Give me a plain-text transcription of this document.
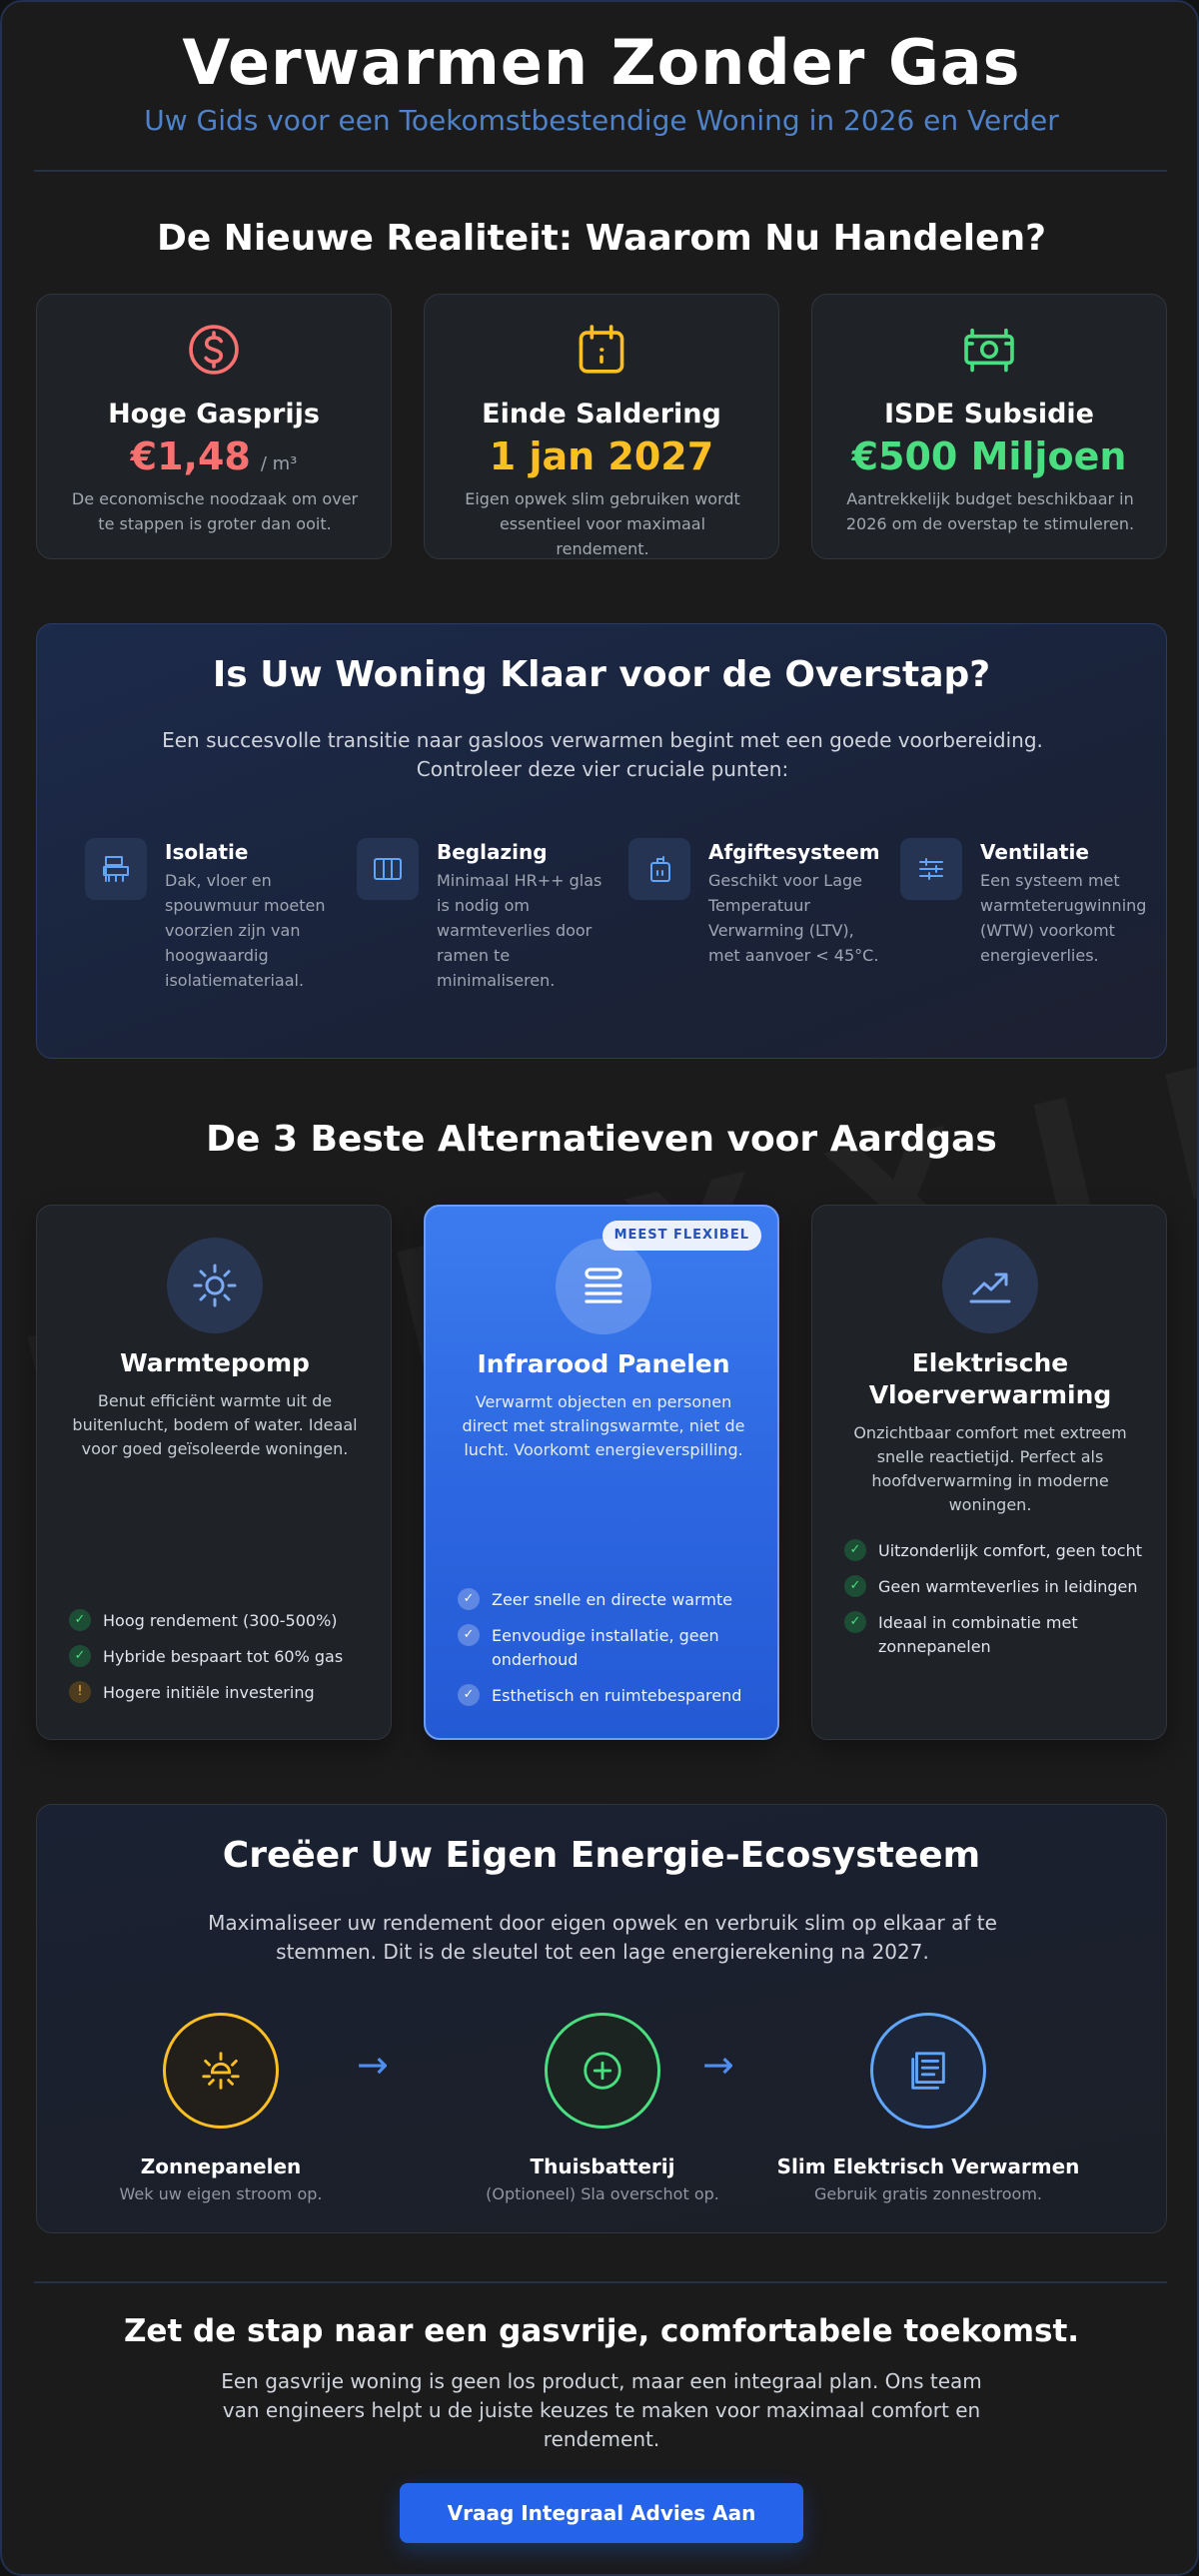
Verwarmen Zonder Gas
Uw Gids voor een Toekomstbestendige Woning in 2026 en Verder
De Nieuwe Realiteit: Waarom Nu Handelen?
Hoge Gasprijs
€1,48 / m³
De economische noodzaak om over te stappen is groter dan ooit.
Einde Saldering
1 jan 2027
Eigen opwek slim gebruiken wordt essentieel voor maximaal rendement.
ISDE Subsidie
€500 Miljoen
Aantrekkelijk budget beschikbaar in 2026 om de overstap te stimuleren.
Is Uw Woning Klaar voor de Overstap?
Een succesvolle transitie naar gasloos verwarmen begint met een goede voorbereiding. Controleer deze vier cruciale punten:
Isolatie
Dak, vloer en spouwmuur moeten voorzien zijn van hoogwaardig isolatiemateriaal.
Beglazing
Minimaal HR++ glas is nodig om warmteverlies door ramen te minimaliseren.
Afgiftesysteem
Geschikt voor Lage Temperatuur Verwarming (LTV), met aanvoer < 45°C.
Ventilatie
Een systeem met warmteterugwinning (WTW) voorkomt energieverlies.
De 3 Beste Alternatieven voor Aardgas
Warmtepomp
Benut efficiënt warmte uit de buitenlucht, bodem of water. Ideaal voor goed geïsoleerde woningen.
✓	Hoog rendement (300-500%)
✓	Hybride bespaart tot 60% gas
!	Hogere initiële investering
MEEST FLEXIBEL
Infrarood Panelen
Verwarmt objecten en personen direct met stralingswarmte, niet de lucht. Voorkomt energieverspilling.
✓	Zeer snelle en directe warmte
✓	Eenvoudige installatie, geen onderhoud
✓	Esthetisch en ruimtebesparend
Elektrische Vloerverwarming
Onzichtbaar comfort met extreem snelle reactietijd. Perfect als hoofdverwarming in moderne woningen.
✓	Uitzonderlijk comfort, geen tocht
✓	Geen warmteverlies in leidingen
✓	Ideaal in combinatie met zonnepanelen
Creëer Uw Eigen Energie-Ecosysteem
Maximaliseer uw rendement door eigen opwek en verbruik slim op elkaar af te stemmen. Dit is de sleutel tot een lage energierekening na 2027.
Zonnepanelen
Wek uw eigen stroom op.
→
Thuisbatterij
(Optioneel) Sla overschot op.
→
Slim Elektrisch Verwarmen
Gebruik gratis zonnestroom.
Zet de stap naar een gasvrije, comfortabele toekomst.
Een gasvrije woning is geen los product, maar een integraal plan. Ons team van engineers helpt u de juiste keuzes te maken voor maximaal comfort en rendement.
Vraag Integraal Advies Aan
